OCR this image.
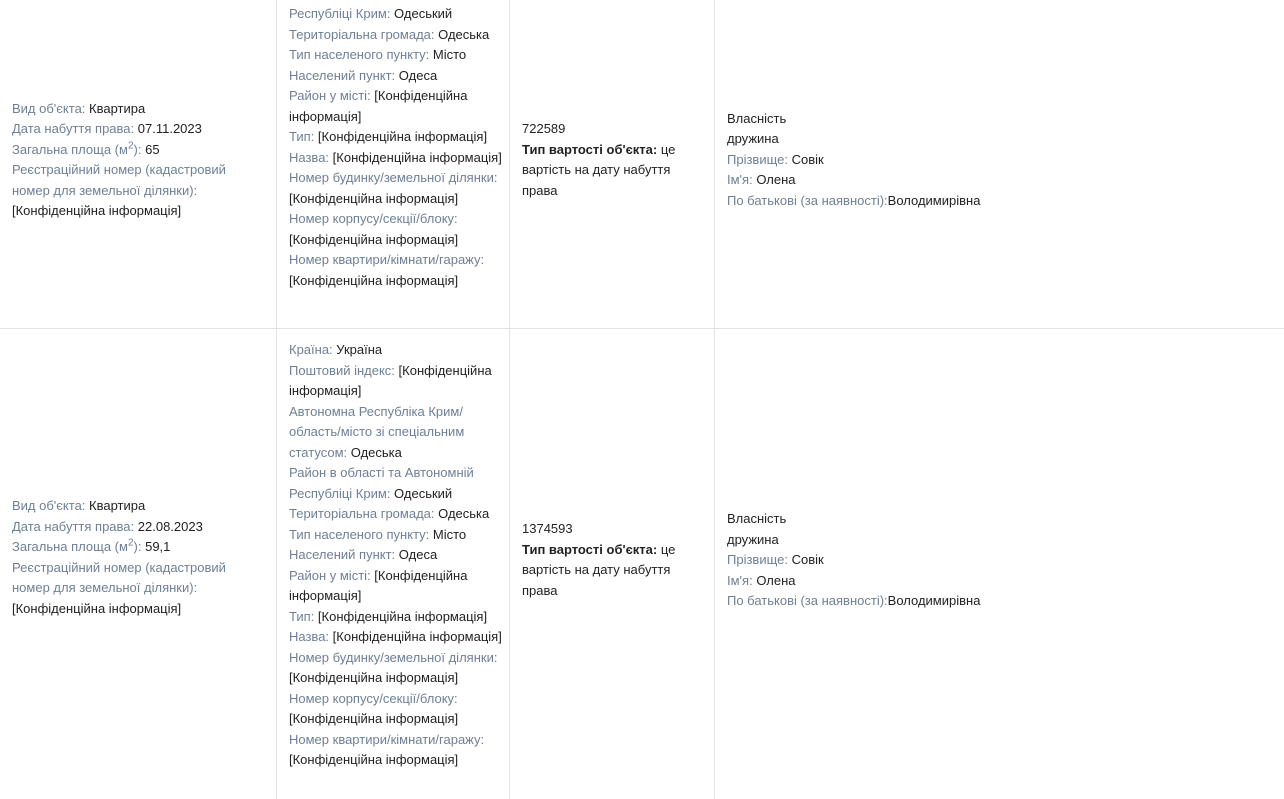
Вид об'єкта: Квартира

Дата набуття права: 07.11.2023

Загальна площа $(м^2)$: 65

Реєстраційний номер (кадастровий номер для земельної ділянки): [Конфіденційна інформація]

Республіці Крим: Одеський

Територіальна громада: Одеська

Тип населеного пункту: Місто

Населений пункт: Одеса

Район у місті: [Конфіденційна інформація]

Тип: [Конфіденційна інформація]

Назва: [Конфіденційна інформація]

Номер будинку/земельної ділянки: [Конфіденційна інформація]

Номер корпусу/секції/блоку: [Конфіденційна інформація]

Номер квартири/кімнати/гаражу: [Конфіденційна інформація]

722589

Тип вартості об'єкта: це вартість на дату набуття права

Власність

дружина

Прізвище: Совік

Ім'я: Олена

По батькові (за наявності):Володимирівна

Вид об'єкта: Квартира

Дата набуття права: 22.08.2023

Загальна площа $(м^2)$: 59,1

Реєстраційний номер (кадастровий номер для земельної ділянки): [Конфіденційна інформація]

Країна: Україна

Поштовий індекс: [Конфіденційна інформація]

Автономна Республіка Крим/ область/місто зі спеціальним статусом: Одеська

Район в області та Автономній Республіці Крим: Одеський

Територіальна громада: Одеська

Тип населеного пункту: Місто

Населений пункт: Одеса

Район у місті: [Конфіденційна інформація]

Тип: [Конфіденційна інформація]

Назва: [Конфіденційна інформація]

Номер будинку/земельної ділянки: [Конфіденційна інформація]

Номер корпусу/секції/блоку: [Конфіденційна інформація]

Номер квартири/кімнати/гаражу: [Конфіденційна інформація]

1374593

Тип вартості об'єкта: це вартість на дату набуття права

Власність

дружина

Прізвище: Совік

Ім'я: Олена

По батькові (за наявності):Володимирівна
